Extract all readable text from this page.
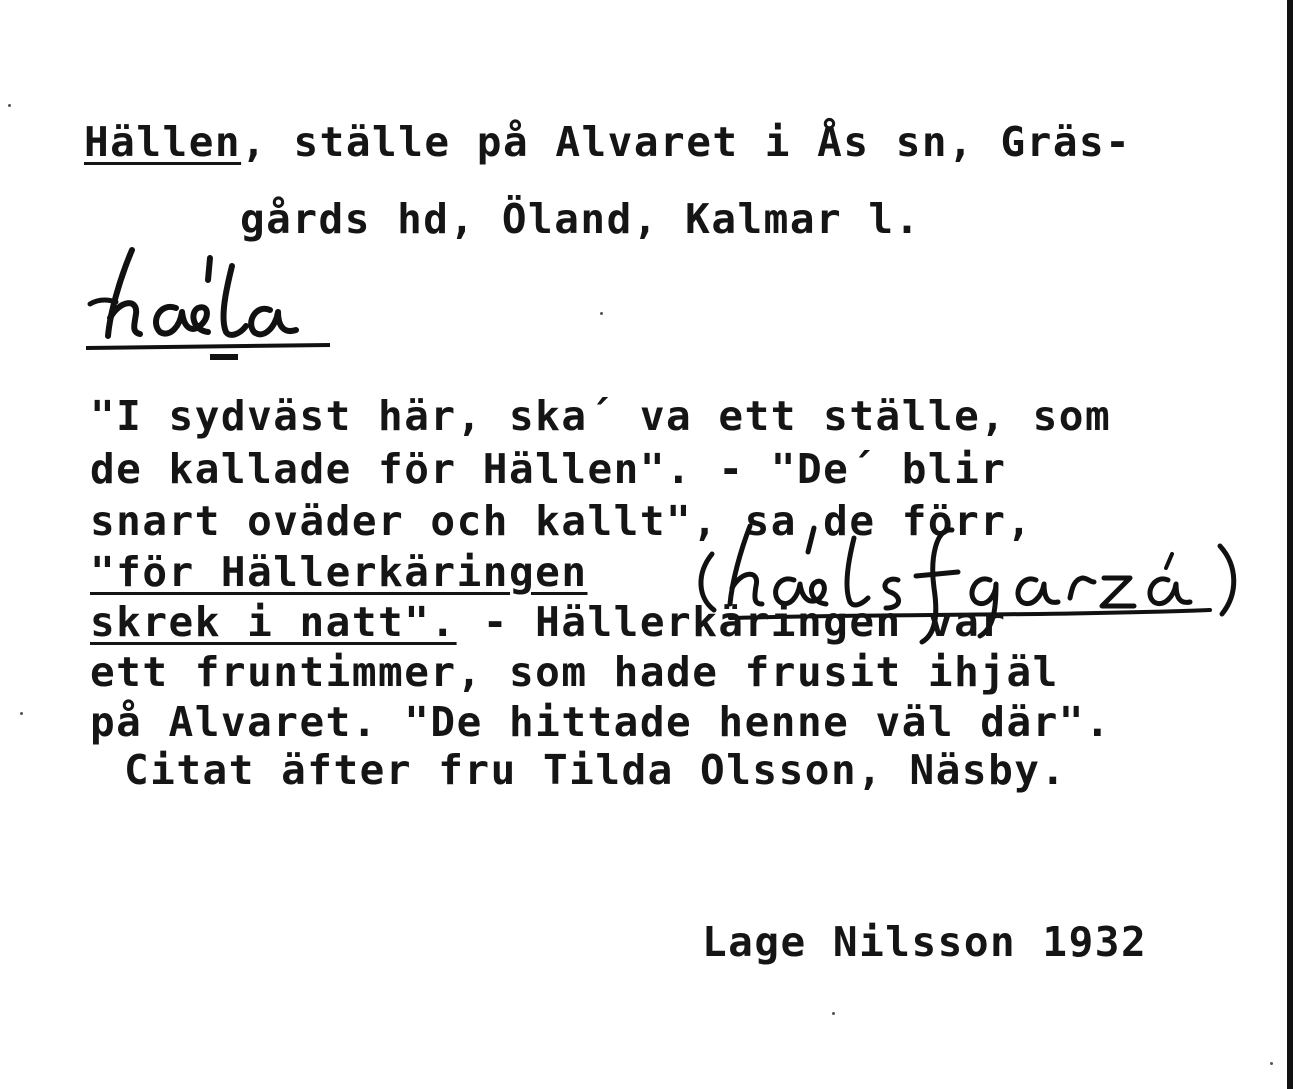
Hällen, ställe på Alvaret i Ås sn, Gräs-
gårds hd, Öland, Kalmar l.
"I sydväst här, ska´ va ett ställe, som
de kallade för Hällen". - "De´ blir
snart oväder och kallt", sa de förr,
"för Hällerkäringen
skrek i natt". - Hällerkäringen var
ett fruntimmer, som hade frusit ihjäl
på Alvaret. "De hittade henne väl där".
Citat äfter fru Tilda Olsson, Näsby.
Lage Nilsson 1932
